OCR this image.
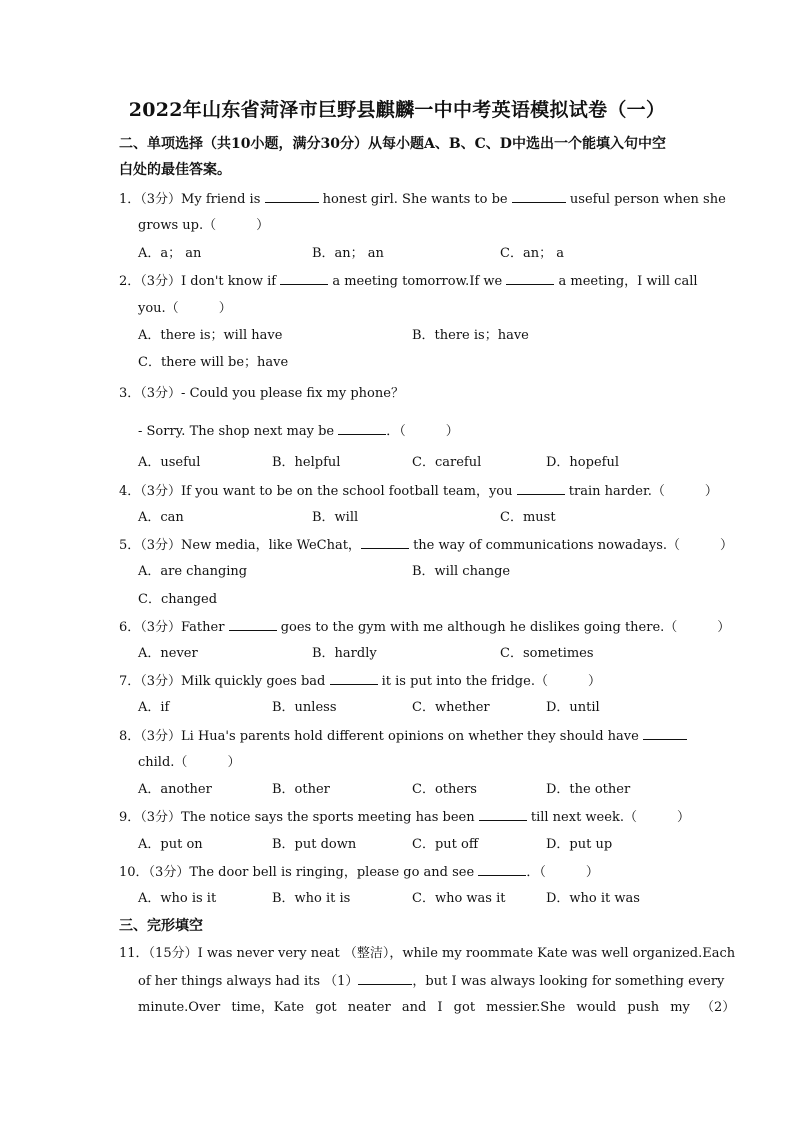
2022年山东省菏泽市巨野县麒麟一中中考英语模拟试卷（一）
二、单项选择（共10小题，满分30分）从每小题A、B、C、D中选出一个能填入句中空
白处的最佳答案。
1．（3分）My friend is	honest girl. She wants to be	useful person when she
grows up.（	）
A．a； an	B．an； an	C．an； a
2．（3分）I don't know if	a meeting tomorrow.If we	a meeting，I will call
you.（	）
A．there is；will have	B．there is；have
C．there will be；have
3．（3分）- Could you please fix my phone？
- Sorry. The shop next may be	．（	）
A．useful	B．helpful	C．careful	D．hopeful
4．（3分）If you want to be on the school football team，you	train harder.（	）
A．can	B．will	C．must
5．（3分）New media，like WeChat，	the way of communications nowadays.（	）
A．are changing	B．will change
C．changed
6．（3分）Father	goes to the gym with me although he dislikes going there.（	）
A．never	B．hardly	C．sometimes
7．（3分）Milk quickly goes bad	it is put into the fridge.（	）
A．if	B．unless	C．whether	D．until
8．（3分）Li Hua's parents hold different opinions on whether they should have
child.（	）
A．another	B．other	C．others	D．the other
9．（3分）The notice says the sports meeting has been	till next week.（	）
A．put on	B．put down	C．put off	D．put up
10．（3分）The door bell is ringing，please go and see	．（	）
A．who is it	B．who it is	C．who was it	D．who it was
三、完形填空
11．（15分）I was never very neat （整洁），while my roommate Kate was well organized.Each
of her things always had its （1）	，but I was always looking for something every
minute.Over time，Kate got neater and I got messier.She would push my （2）
